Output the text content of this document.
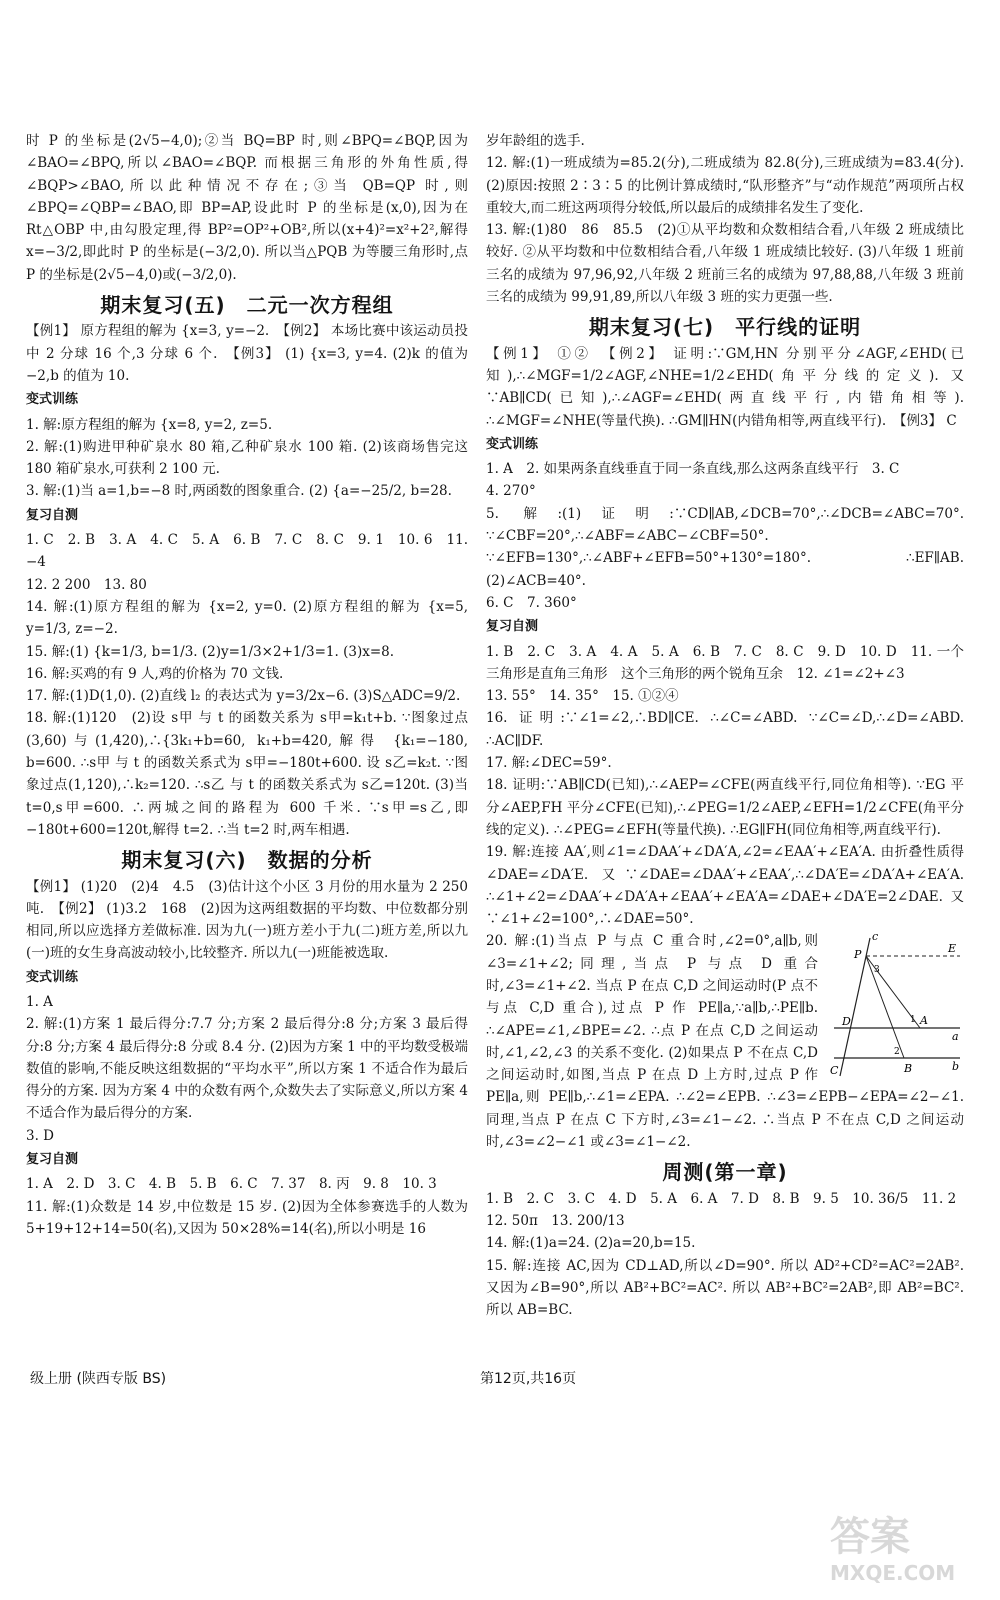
时 P 的坐标是(2√5−4,0);②当 BQ=BP 时,则∠BPQ=∠BQP,因为∠BAO=∠BPQ,所以∠BAO=∠BQP. 而根据三角形的外角性质,得∠BQP>∠BAO,所以此种情况不存在;③当 QB=QP 时,则∠BPQ=∠QBP=∠BAO,即 BP=AP,设此时 P 的坐标是(x,0),因为在 Rt△OBP 中,由勾股定理,得 BP²=OP²+OB²,所以(x+4)²=x²+2²,解得 x=−3/2,即此时 P 的坐标是(−3/2,0). 所以当△PQB 为等腰三角形时,点 P 的坐标是(2√5−4,0)或(−3/2,0).

期末复习(五)　二元一次方程组

【例1】 原方程组的解为 {x=3, y=−2.　【例2】 本场比赛中该运动员投中 2 分球 16 个,3 分球 6 个.　【例3】 (1) {x=3, y=4. (2)k 的值为−2,b 的值为 10.

变式训练

1. 解:原方程组的解为 {x=8, y=2, z=5.

2. 解:(1)购进甲种矿泉水 80 箱,乙种矿泉水 100 箱. (2)该商场售完这 180 箱矿泉水,可获利 2 100 元.

3. 解:(1)当 a=1,b=−8 时,两函数的图象重合. (2) {a=−25/2, b=28.

复习自测

1. C　2. B　3. A　4. C　5. A　6. B　7. C　8. C　9. 1　10. 6　11. −4

12. 2 200　13. 80

14. 解:(1)原方程组的解为 {x=2, y=0. (2)原方程组的解为 {x=5, y=1/3, z=−2.

15. 解:(1) {k=1/3, b=1/3. (2)y=1/3×2+1/3=1. (3)x=8.

16. 解:买鸡的有 9 人,鸡的价格为 70 文钱.

17. 解:(1)D(1,0). (2)直线 l₂ 的表达式为 y=3/2x−6. (3)S△ADC=9/2.

18. 解:(1)120　(2)设 s甲 与 t 的函数关系为 s甲=k₁t+b. ∵图象过点(3,60)与(1,420),∴{3k₁+b=60, k₁+b=420,解得 {k₁=−180, b=600. ∴s甲 与 t 的函数关系式为 s甲=−180t+600. 设 s乙=k₂t. ∵图象过点(1,120),∴k₂=120. ∴s乙 与 t 的函数关系式为 s乙=120t. (3)当 t=0,s甲=600. ∴两城之间的路程为 600 千米. ∵s甲=s乙,即−180t+600=120t,解得 t=2. ∴当 t=2 时,两车相遇.

期末复习(六)　数据的分析

【例1】 (1)20　(2)4　4.5　(3)估计这个小区 3 月份的用水量为 2 250 吨.　【例2】 (1)3.2　168　(2)因为这两组数据的平均数、中位数都分别相同,所以应选择方差做标准. 因为九(一)班方差小于九(二)班方差,所以九(一)班的女生身高波动较小,比较整齐. 所以九(一)班能被选取.

变式训练

1. A

2. 解:(1)方案 1 最后得分:7.7 分;方案 2 最后得分:8 分;方案 3 最后得分:8 分;方案 4 最后得分:8 分或 8.4 分. (2)因为方案 1 中的平均数受极端数值的影响,不能反映这组数据的“平均水平”,所以方案 1 不适合作为最后得分的方案. 因为方案 4 中的众数有两个,众数失去了实际意义,所以方案 4 不适合作为最后得分的方案.

3. D

复习自测

1. A　2. D　3. C　4. B　5. B　6. C　7. 37　8. 丙　9. 8　10. 3

11. 解:(1)众数是 14 岁,中位数是 15 岁. (2)因为全体参赛选手的人数为 5+19+12+14=50(名),又因为 50×28%=14(名),所以小明是 16

岁年龄组的选手.

12. 解:(1)一班成绩为=85.2(分),二班成绩为 82.8(分),三班成绩为=83.4(分). (2)原因:按照 2∶3∶5 的比例计算成绩时,“队形整齐”与“动作规范”两项所占权重较大,而二班这两项得分较低,所以最后的成绩排名发生了变化.

13. 解:(1)80　86　85.5　(2)①从平均数和众数相结合看,八年级 2 班成绩比较好. ②从平均数和中位数相结合看,八年级 1 班成绩比较好. (3)八年级 1 班前三名的成绩为 97,96,92,八年级 2 班前三名的成绩为 97,88,88,八年级 3 班前三名的成绩为 99,91,89,所以八年级 3 班的实力更强一些.

期末复习(七)　平行线的证明

【例1】 ①②　【例2】 证明:∵GM,HN 分别平分∠AGF,∠EHD(已知),∴∠MGF=1/2∠AGF,∠NHE=1/2∠EHD(角平分线的定义). 又∵AB∥CD(已知),∴∠AGF=∠EHD(两直线平行,内错角相等). ∴∠MGF=∠NHE(等量代换). ∴GM∥HN(内错角相等,两直线平行).　【例3】 C

变式训练

1. A　2. 如果两条直线垂直于同一条直线,那么这两条直线平行　3. C

4. 270°

5. 解:(1)证明:∵CD∥AB,∠DCB=70°,∴∠DCB=∠ABC=70°. ∵∠CBF=20°,∴∠ABF=∠ABC−∠CBF=50°. ∵∠EFB=130°,∴∠ABF+∠EFB=50°+130°=180°. ∴EF∥AB. (2)∠ACB=40°.

6. C　7. 360°

复习自测

1. B　2. C　3. A　4. A　5. A　6. B　7. C　8. C　9. D　10. D　11. 一个三角形是直角三角形　这个三角形的两个锐角互余　12. ∠1=∠2+∠3

13. 55°　14. 35°　15. ①②④

16. 证明:∵∠1=∠2,∴BD∥CE. ∴∠C=∠ABD. ∵∠C=∠D,∴∠D=∠ABD. ∴AC∥DF.

17. 解:∠DEC=59°.

18. 证明:∵AB∥CD(已知),∴∠AEP=∠CFE(两直线平行,同位角相等). ∵EG 平分∠AEP,FH 平分∠CFE(已知),∴∠PEG=1/2∠AEP,∠EFH=1/2∠CFE(角平分线的定义). ∴∠PEG=∠EFH(等量代换). ∴EG∥FH(同位角相等,两直线平行).

19. 解:连接 AA′,则∠1=∠DAA′+∠DA′A,∠2=∠EAA′+∠EA′A. 由折叠性质得∠DAE=∠DA′E. 又∵∠DAE=∠DAA′+∠EAA′,∴∠DA′E=∠DA′A+∠EA′A. ∴∠1+∠2=∠DAA′+∠DA′A+∠EAA′+∠EA′A=∠DAE+∠DA′E=2∠DAE. 又∵∠1+∠2=100°,∴∠DAE=50°.

c
P	E
D	A
a
b
B
C
3
1
2

20. 解:(1)当点 P 与点 C 重合时,∠2=0°,a∥b,则∠3=∠1+∠2;同理,当点 P 与点 D 重合时,∠3=∠1+∠2. 当点 P 在点 C,D 之间运动时(P 点不与点 C,D 重合),过点 P 作 PE∥a,∵a∥b,∴PE∥b. ∴∠APE=∠1,∠BPE=∠2. ∴点 P 在点 C,D 之间运动时,∠1,∠2,∠3 的关系不变化. (2)如果点 P 不在点 C,D 之间运动时,如图,当点 P 在点 D 上方时,过点 P 作 PE∥a,则 PE∥b,∴∠1=∠EPA. ∴∠2=∠EPB. ∴∠3=∠EPB−∠EPA=∠2−∠1. 同理,当点 P 在点 C 下方时,∠3=∠1−∠2. ∴当点 P 不在点 C,D 之间运动时,∠3=∠2−∠1 或∠3=∠1−∠2.

周测(第一章)

1. B　2. C　3. C　4. D　5. A　6. A　7. D　8. B　9. 5　10. 36/5　11. 2

12. 50π　13. 200/13

14. 解:(1)a=24. (2)a=20,b=15.

15. 解:连接 AC,因为 CD⊥AD,所以∠D=90°. 所以 AD²+CD²=AC²=2AB². 又因为∠B=90°,所以 AB²+BC²=AC². 所以 AB²+BC²=2AB²,即 AB²=BC². 所以 AB=BC.

级上册 (陕西专版 BS)	第12页,共16页
答案
MXQE.COM
